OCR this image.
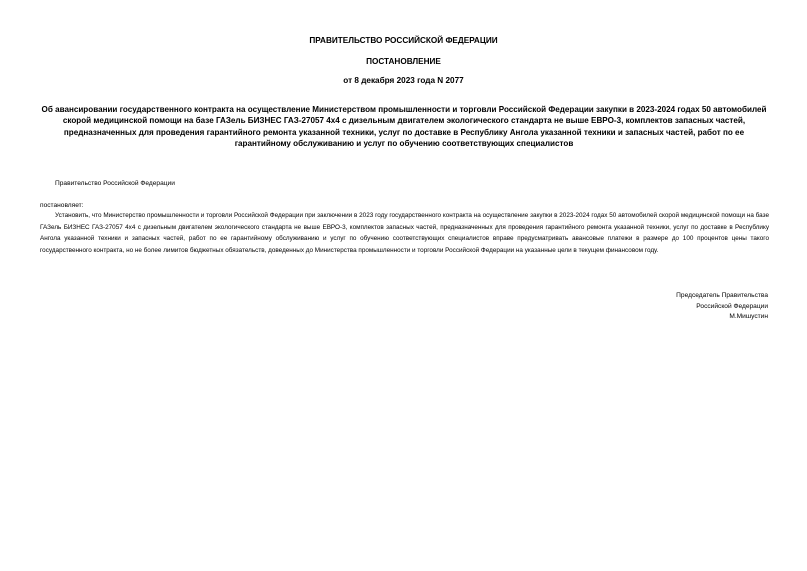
ПРАВИТЕЛЬСТВО РОССИЙСКОЙ ФЕДЕРАЦИИ
ПОСТАНОВЛЕНИЕ
от 8 декабря 2023 года N 2077
Об авансировании государственного контракта на осуществление Министерством промышленности и торговли Российской Федерации закупки в 2023-2024 годах 50 автомобилей скорой медицинской помощи на базе ГАЗель БИЗНЕС ГАЗ-27057 4х4 с дизельным двигателем экологического стандарта не выше ЕВРО-3, комплектов запасных частей, предназначенных для проведения гарантийного ремонта указанной техники, услуг по доставке в Республику Ангола указанной техники и запасных частей, работ по ее гарантийному обслуживанию и услуг по обучению соответствующих специалистов
Правительство Российской Федерации
постановляет:
Установить, что Министерство промышленности и торговли Российской Федерации при заключении в 2023 году государственного контракта на осуществление закупки в 2023-2024 годах 50 автомобилей скорой медицинской помощи на базе ГАЗель БИЗНЕС ГАЗ-27057 4х4 с дизельным двигателем экологического стандарта не выше ЕВРО-3, комплектов запасных частей, предназначенных для проведения гарантийного ремонта указанной техники, услуг по доставке в Республику Ангола указанной техники и запасных частей, работ по ее гарантийному обслуживанию и услуг по обучению соответствующих специалистов вправе предусматривать авансовые платежи в размере до 100 процентов цены такого государственного контракта, но не более лимитов бюджетных обязательств, доведенных до Министерства промышленности и торговли Российской Федерации на указанные цели в текущем финансовом году.
Председатель Правительства
Российской Федерации
М.Мишустин
